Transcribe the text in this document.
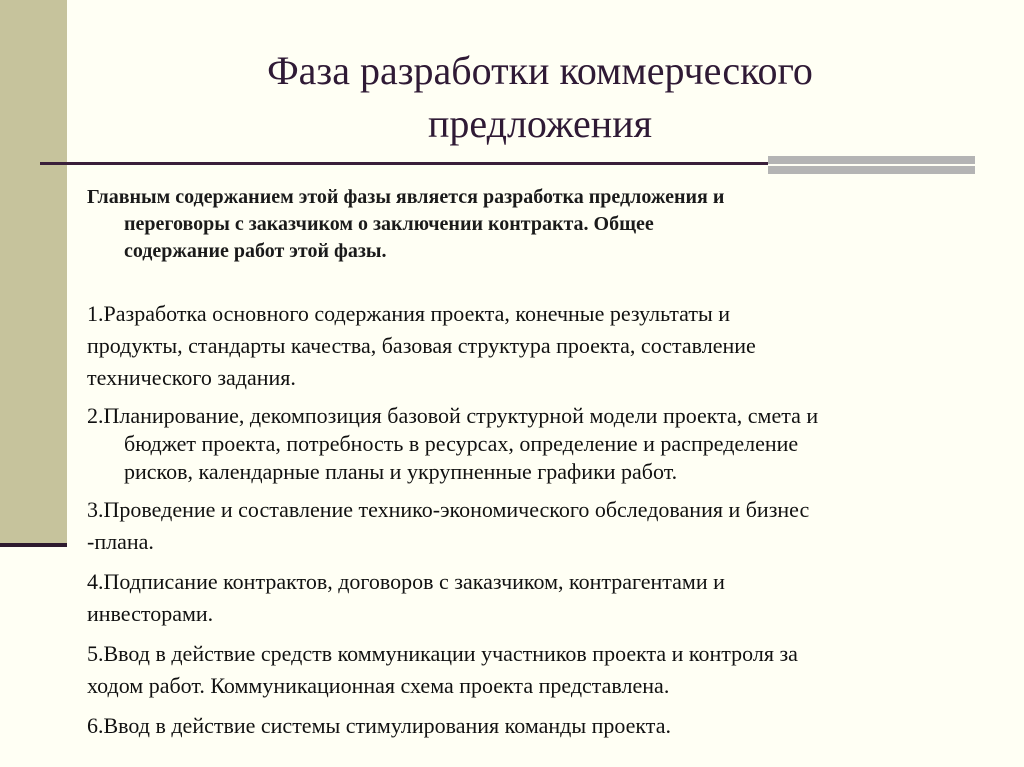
Фаза разработки коммерческого
предложения
Главным содержанием этой фазы является разработка предложения и
переговоры с заказчиком о заключении контракта. Общее
содержание работ этой фазы.
1.Разработка основного содержания проекта, конечные результаты и
продукты, стандарты качества, базовая структура проекта, составление
технического задания.
2.Планирование, декомпозиция базовой структурной модели проекта, смета и
бюджет проекта, потребность в ресурсах, определение и распределение
рисков, календарные планы и укрупненные графики работ.
3.Проведение и составление технико-экономического обследования и бизнес
-плана.
4.Подписание контрактов, договоров с заказчиком, контрагентами и
инвесторами.
5.Ввод в действие средств коммуникации участников проекта и контроля за
ходом работ. Коммуникационная схема проекта представлена.
6.Ввод в действие системы стимулирования команды проекта.
